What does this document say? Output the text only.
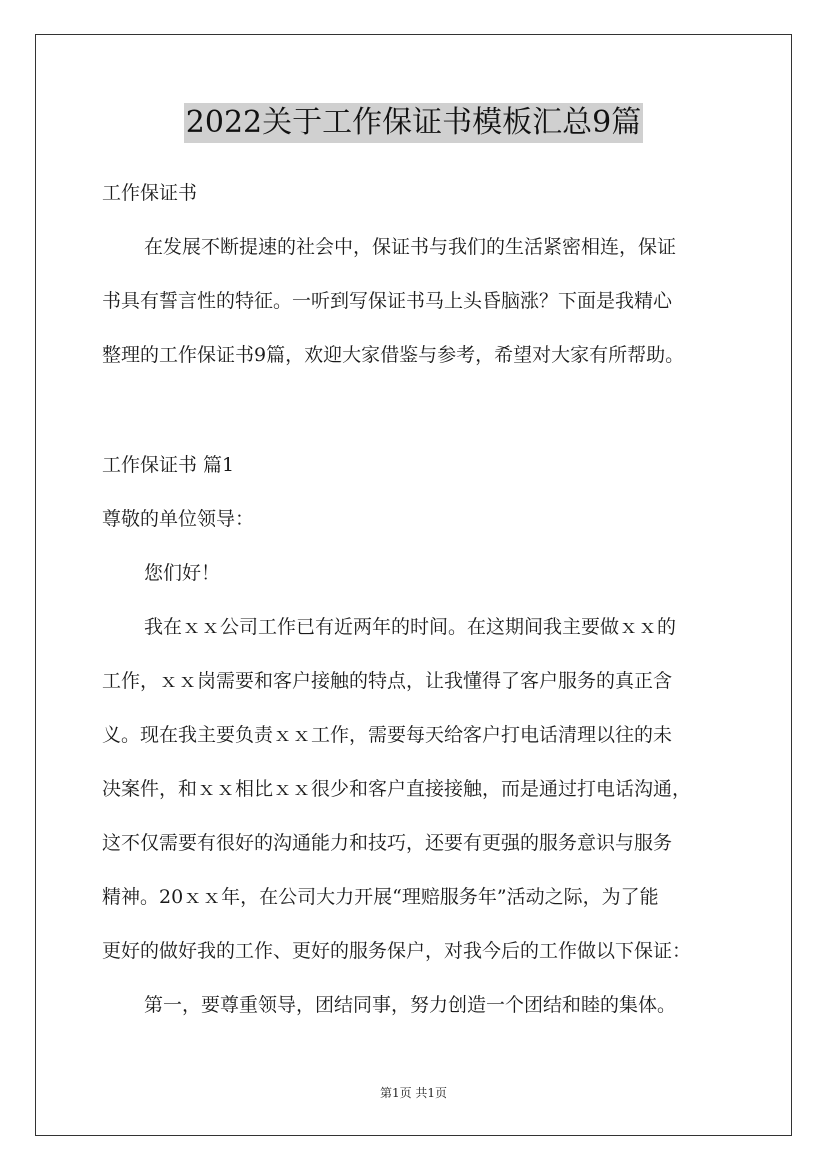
2022关于工作保证书模板汇总9篇
工作保证书
在发展不断提速的社会中，保证书与我们的生活紧密相连，保证
书具有誓言性的特征。一听到写保证书马上头昏脑涨？下面是我精心
整理的工作保证书9篇，欢迎大家借鉴与参考，希望对大家有所帮助。
工作保证书 篇1
尊敬的单位领导：
您们好！
我在ｘｘ公司工作已有近两年的时间。在这期间我主要做ｘｘ的
工作，ｘｘ岗需要和客户接触的特点，让我懂得了客户服务的真正含
义。现在我主要负责ｘｘ工作，需要每天给客户打电话清理以往的未
决案件，和ｘｘ相比ｘｘ很少和客户直接接触，而是通过打电话沟通，
这不仅需要有很好的沟通能力和技巧，还要有更强的服务意识与服务
精神。20ｘｘ年，在公司大力开展“理赔服务年”活动之际，为了能
更好的做好我的工作、更好的服务保户，对我今后的工作做以下保证：
第一，要尊重领导，团结同事，努力创造一个团结和睦的集体。
第1页 共1页
